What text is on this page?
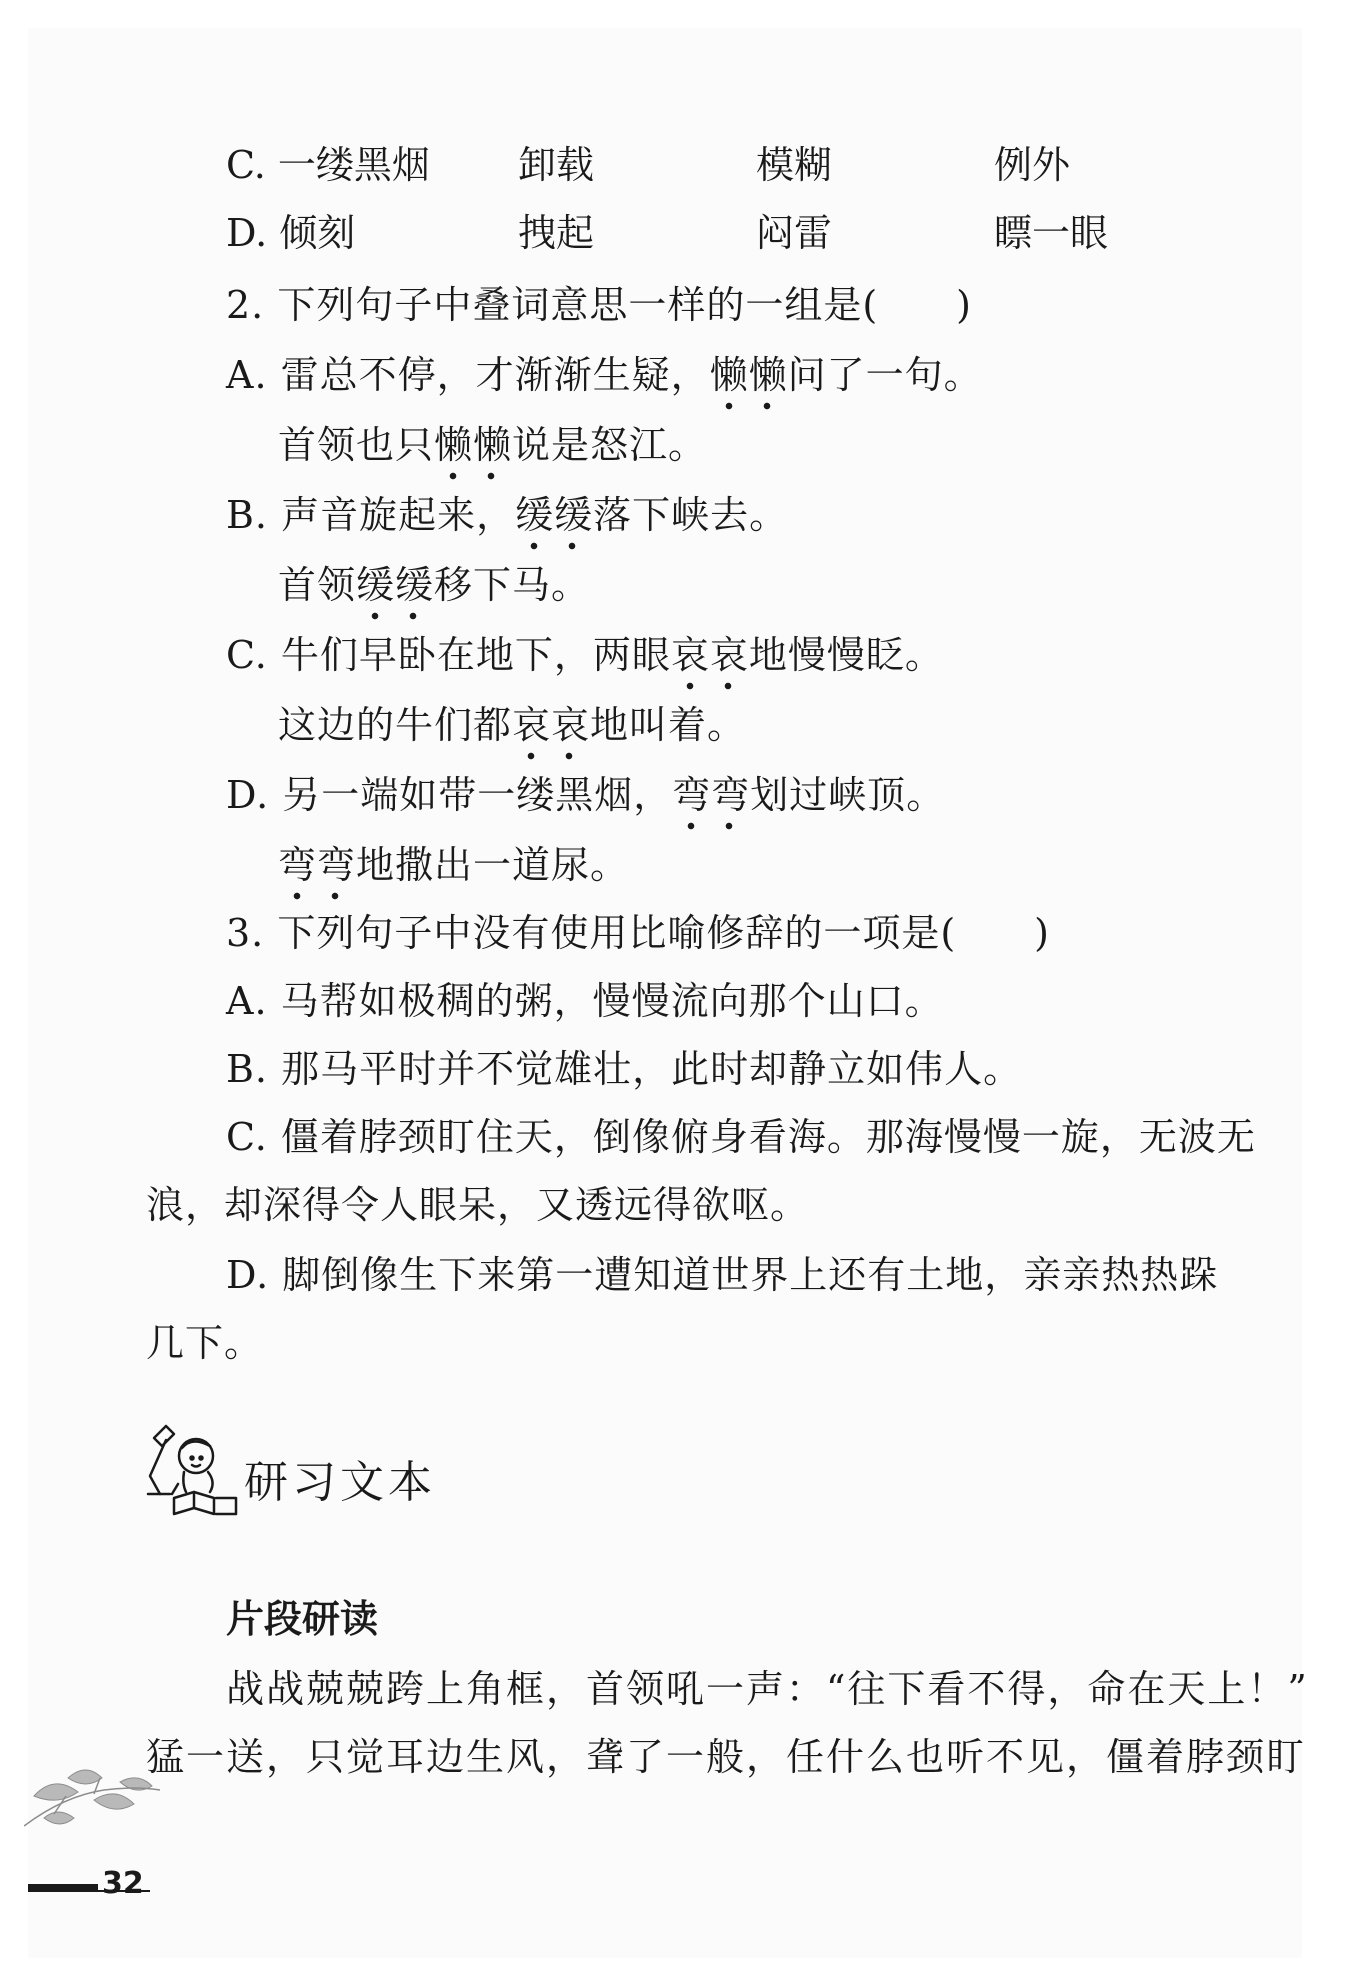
C. 一缕黑烟 卸载	模糊	例外
D. 倾刻	拽起	闷雷	瞟一眼
2. 下列句子中叠词意思一样的一组是(　　)
A. 雷总不停，才渐渐生疑，懒懒问了一句。
首领也只懒懒说是怒江。
B. 声音旋起来，缓缓落下峡去。
首领缓缓移下马。
C. 牛们早卧在地下，两眼哀哀地慢慢眨。
这边的牛们都哀哀地叫着。
D. 另一端如带一缕黑烟，弯弯划过峡顶。
弯弯地撒出一道尿。
3. 下列句子中没有使用比喻修辞的一项是(　　)
A. 马帮如极稠的粥，慢慢流向那个山口。
B. 那马平时并不觉雄壮，此时却静立如伟人。
C. 僵着脖颈盯住天，倒像俯身看海。那海慢慢一旋，无波无
浪，却深得令人眼呆，又透远得欲呕。
D. 脚倒像生下来第一遭知道世界上还有土地，亲亲热热跺
几下。
研习文本
片段研读
战战兢兢跨上角框，首领吼一声：“往下看不得，命在天上！”
猛一送，只觉耳边生风，聋了一般，任什么也听不见，僵着脖颈盯
32
